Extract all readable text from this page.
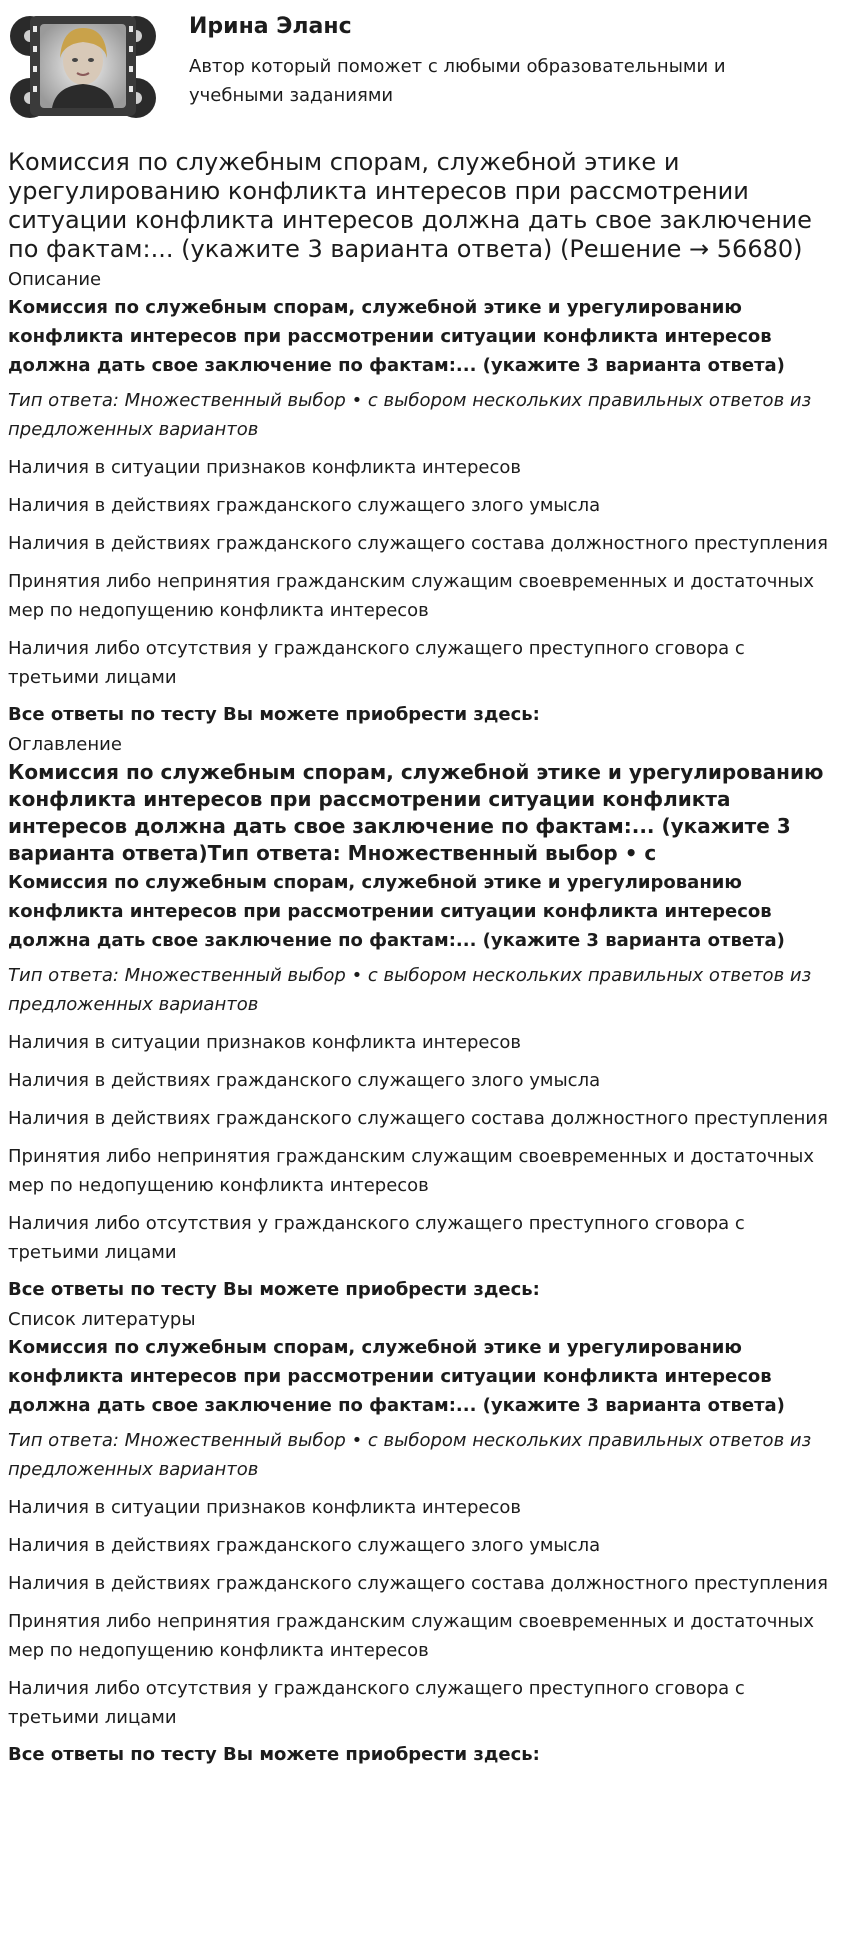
Ирина Эланс

Автор который поможет с любыми образовательными и учебными заданиями

Комиссия по служебным спорам, служебной этике и урегулированию конфликта интересов при рассмотрении ситуации конфликта интересов должна дать свое заключение по фактам:... (укажите 3 варианта ответа) (Решение → 56680)

Описание

Комиссия по служебным спорам, служебной этике и урегулированию конфликта интересов при рассмотрении ситуации конфликта интересов должна дать свое заключение по фактам:... (укажите 3 варианта ответа)

Тип ответа: Множественный выбор • с выбором нескольких правильных ответов из предложенных вариантов

Наличия в ситуации признаков конфликта интересов

Наличия в действиях гражданского служащего злого умысла

Наличия в действиях гражданского служащего состава должностного преступления

Принятия либо непринятия гражданским служащим своевременных и достаточных мер по недопущению конфликта интересов

Наличия либо отсутствия у гражданского служащего преступного сговора с третьими лицами

Все ответы по тесту Вы можете приобрести здесь:

Оглавление

Комиссия по служебным спорам, служебной этике и урегулированию конфликта интересов при рассмотрении ситуации конфликта интересов должна дать свое заключение по фактам:... (укажите 3 варианта ответа)Тип ответа: Множественный выбор • с

Комиссия по служебным спорам, служебной этике и урегулированию конфликта интересов при рассмотрении ситуации конфликта интересов должна дать свое заключение по фактам:... (укажите 3 варианта ответа)

Тип ответа: Множественный выбор • с выбором нескольких правильных ответов из предложенных вариантов

Наличия в ситуации признаков конфликта интересов

Наличия в действиях гражданского служащего злого умысла

Наличия в действиях гражданского служащего состава должностного преступления

Принятия либо непринятия гражданским служащим своевременных и достаточных мер по недопущению конфликта интересов

Наличия либо отсутствия у гражданского служащего преступного сговора с третьими лицами

Все ответы по тесту Вы можете приобрести здесь:

Список литературы

Комиссия по служебным спорам, служебной этике и урегулированию конфликта интересов при рассмотрении ситуации конфликта интересов должна дать свое заключение по фактам:... (укажите 3 варианта ответа)

Тип ответа: Множественный выбор • с выбором нескольких правильных ответов из предложенных вариантов

Наличия в ситуации признаков конфликта интересов

Наличия в действиях гражданского служащего злого умысла

Наличия в действиях гражданского служащего состава должностного преступления

Принятия либо непринятия гражданским служащим своевременных и достаточных мер по недопущению конфликта интересов

Наличия либо отсутствия у гражданского служащего преступного сговора с третьими лицами

Все ответы по тесту Вы можете приобрести здесь:
